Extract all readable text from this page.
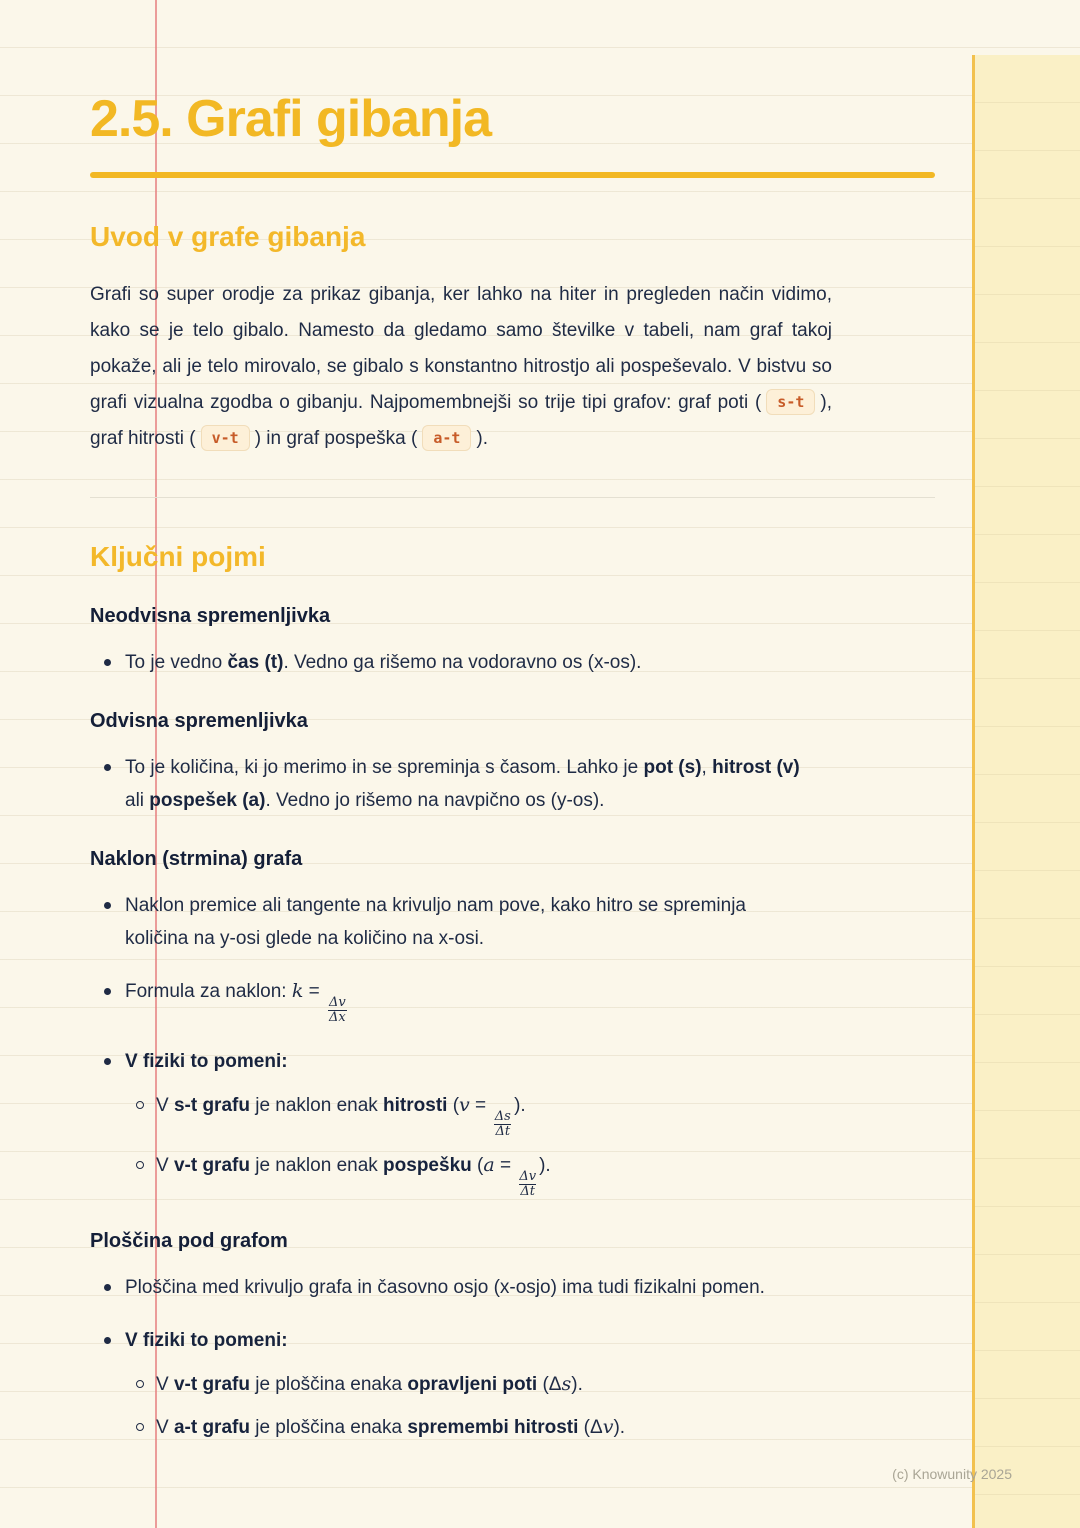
2.5. Grafi gibanja
Uvod v grafe gibanja
Grafi so super orodje za prikaz gibanja, ker lahko na hiter in pregleden način vidimo, kako se je telo gibalo. Namesto da gledamo samo številke v tabeli, nam graf takoj pokaže, ali je telo mirovalo, se gibalo s konstantno hitrostjo ali pospeševalo. V bistvu so grafi vizualna zgodba o gibanju. Najpomembnejši so trije tipi grafov: graf poti ( s-t ), graf hitrosti ( v-t ) in graf pospeška ( a-t ).
Ključni pojmi
Neodvisna spremenljivka
To je vedno čas (t). Vedno ga rišemo na vodoravno os (x-os).
Odvisna spremenljivka
To je količina, ki jo merimo in se spreminja s časom. Lahko je pot (s), hitrost (v) ali pospešek (a). Vedno jo rišemo na navpično os (y-os).
Naklon (strmina) grafa
Naklon premice ali tangente na krivuljo nam pove, kako hitro se spreminja količina na y-osi glede na količino na x-osi.
Formula za naklon: k =
$\frac{\Delta v}{\Delta x}$
V fiziki to pomeni:
V s-t grafu je naklon enak hitrosti (v =
$\frac{\Delta s}{\Delta t}$
).
V v-t grafu je naklon enak pospešku (a =
$\frac{\Delta v}{\Delta t}$
).
Ploščina pod grafom
Ploščina med krivuljo grafa in časovno osjo (x-osjo) ima tudi fizikalni pomen.
V fiziki to pomeni:
V v-t grafu je ploščina enaka opravljeni poti (Δs).
V a-t grafu je ploščina enaka spremembi hitrosti (Δv).
(c) Knowunity 2025
